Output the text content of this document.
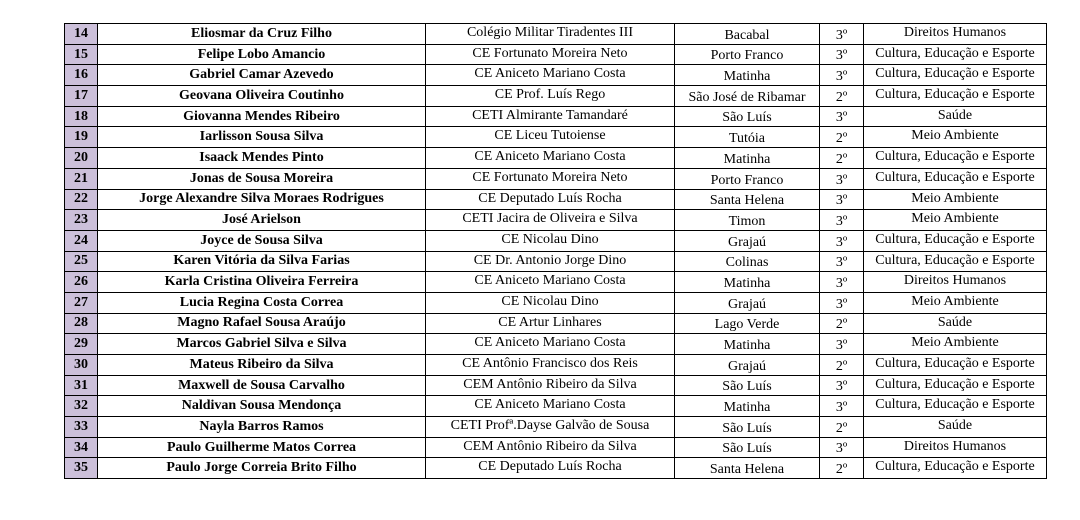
14	Eliosmar da Cruz Filho	Colégio Militar Tiradentes III	Bacabal	3º	Direitos Humanos
15	Felipe Lobo Amancio	CE Fortunato Moreira Neto	Porto Franco	3º	Cultura, Educação e Esporte
16	Gabriel Camar Azevedo	CE Aniceto Mariano Costa	Matinha	3º	Cultura, Educação e Esporte
17	Geovana Oliveira Coutinho	CE Prof. Luís Rego	São José de Ribamar	2º	Cultura, Educação e Esporte
18	Giovanna Mendes Ribeiro	CETI Almirante Tamandaré	São Luís	3º	Saúde
19	Iarlisson Sousa Silva	CE Liceu Tutoiense	Tutóia	2º	Meio Ambiente
20	Isaack Mendes Pinto	CE Aniceto Mariano Costa	Matinha	2º	Cultura, Educação e Esporte
21	Jonas de Sousa Moreira	CE Fortunato Moreira Neto	Porto Franco	3º	Cultura, Educação e Esporte
22	Jorge Alexandre Silva Moraes Rodrigues	CE Deputado Luís Rocha	Santa Helena	3º	Meio Ambiente
23	José Arielson	CETI Jacira de Oliveira e Silva	Timon	3º	Meio Ambiente
24	Joyce de Sousa Silva	CE Nicolau Dino	Grajaú	3º	Cultura, Educação e Esporte
25	Karen Vitória da Silva Farias	CE Dr. Antonio Jorge Dino	Colinas	3º	Cultura, Educação e Esporte
26	Karla Cristina Oliveira Ferreira	CE Aniceto Mariano Costa	Matinha	3º	Direitos Humanos
27	Lucia Regina Costa Correa	CE Nicolau Dino	Grajaú	3º	Meio Ambiente
28	Magno Rafael Sousa Araújo	CE Artur Linhares	Lago Verde	2º	Saúde
29	Marcos Gabriel Silva e Silva	CE Aniceto Mariano Costa	Matinha	3º	Meio Ambiente
30	Mateus Ribeiro da Silva	CE Antônio Francisco dos Reis	Grajaú	2º	Cultura, Educação e Esporte
31	Maxwell de Sousa Carvalho	CEM Antônio Ribeiro da Silva	São Luís	3º	Cultura, Educação e Esporte
32	Naldivan Sousa Mendonça	CE Aniceto Mariano Costa	Matinha	3º	Cultura, Educação e Esporte
33	Nayla Barros Ramos	CETI Profª.Dayse Galvão de Sousa	São Luís	2º	Saúde
34	Paulo Guilherme Matos Correa	CEM Antônio Ribeiro da Silva	São Luís	3º	Direitos Humanos
35	Paulo Jorge Correia Brito Filho	CE Deputado Luís Rocha	Santa Helena	2º	Cultura, Educação e Esporte
